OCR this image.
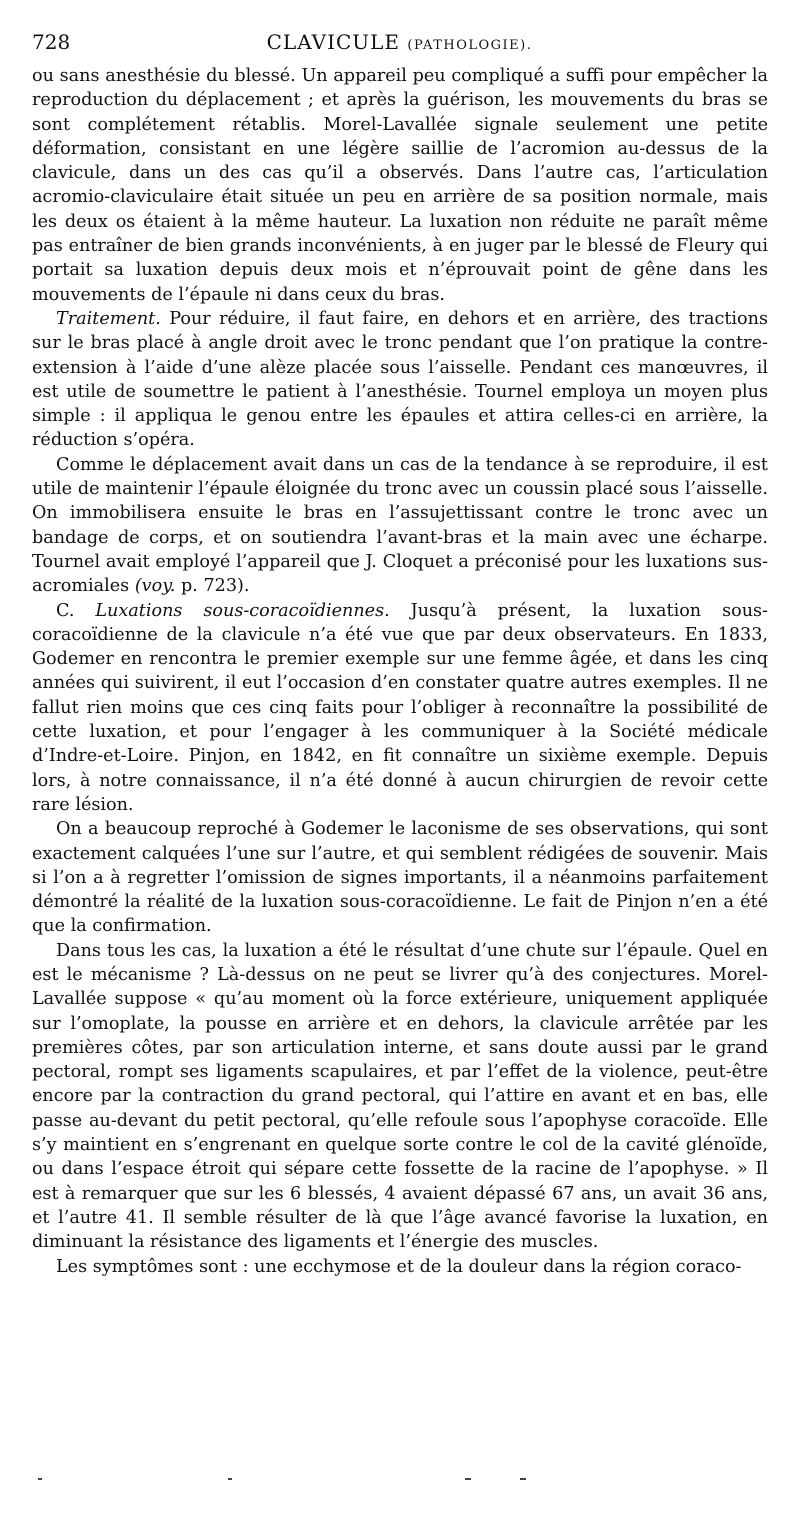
728	CLAVICULE (PATHOLOGIE).

ou sans anesthésie du blessé. Un appareil peu compliqué a suffi pour empêcher la reproduction du déplacement ; et après la guérison, les mouvements du bras se sont complétement rétablis. Morel-Lavallée signale seulement une petite déformation, consistant en une légère saillie de l’acromion au-dessus de la clavicule, dans un des cas qu’il a observés. Dans l’autre cas, l’articulation acromio-claviculaire était située un peu en arrière de sa position normale, mais les deux os étaient à la même hauteur. La luxation non réduite ne paraît même pas entraîner de bien grands inconvénients, à en juger par le blessé de Fleury qui portait sa luxation depuis deux mois et n’éprouvait point de gêne dans les mouvements de l’épaule ni dans ceux du bras.

Traitement. Pour réduire, il faut faire, en dehors et en arrière, des tractions sur le bras placé à angle droit avec le tronc pendant que l’on pratique la contre-extension à l’aide d’une alèze placée sous l’aisselle. Pendant ces manœuvres, il est utile de soumettre le patient à l’anesthésie. Tournel employa un moyen plus simple : il appliqua le genou entre les épaules et attira celles-ci en arrière, la réduction s’opéra.

Comme le déplacement avait dans un cas de la tendance à se reproduire, il est utile de maintenir l’épaule éloignée du tronc avec un coussin placé sous l’aisselle. On immobilisera ensuite le bras en l’assujettissant contre le tronc avec un bandage de corps, et on soutiendra l’avant-bras et la main avec une écharpe. Tournel avait employé l’appareil que J. Cloquet a préconisé pour les luxations sus-acromiales (voy. p. 723).

C. Luxations sous-coracoïdiennes. Jusqu’à présent, la luxation sous-coracoïdienne de la clavicule n’a été vue que par deux observateurs. En 1833, Godemer en rencontra le premier exemple sur une femme âgée, et dans les cinq années qui suivirent, il eut l’occasion d’en constater quatre autres exemples. Il ne fallut rien moins que ces cinq faits pour l’obliger à reconnaître la possibilité de cette luxation, et pour l’engager à les communiquer à la Société médicale d’Indre-et-Loire. Pinjon, en 1842, en fit connaître un sixième exemple. Depuis lors, à notre connaissance, il n’a été donné à aucun chirurgien de revoir cette rare lésion.

On a beaucoup reproché à Godemer le laconisme de ses observations, qui sont exactement calquées l’une sur l’autre, et qui semblent rédigées de souvenir. Mais si l’on a à regretter l’omission de signes importants, il a néanmoins parfaitement démontré la réalité de la luxation sous-coracoïdienne. Le fait de Pinjon n’en a été que la confirmation.

Dans tous les cas, la luxation a été le résultat d’une chute sur l’épaule. Quel en est le mécanisme ? Là-dessus on ne peut se livrer qu’à des conjectures. Morel-Lavallée suppose « qu’au moment où la force extérieure, uniquement appliquée sur l’omoplate, la pousse en arrière et en dehors, la clavicule arrêtée par les premières côtes, par son articulation interne, et sans doute aussi par le grand pectoral, rompt ses ligaments scapulaires, et par l’effet de la violence, peut-être encore par la contraction du grand pectoral, qui l’attire en avant et en bas, elle passe au-devant du petit pectoral, qu’elle refoule sous l’apophyse coracoïde. Elle s’y maintient en s’engrenant en quelque sorte contre le col de la cavité glénoïde, ou dans l’espace étroit qui sépare cette fossette de la racine de l’apophyse. » Il est à remarquer que sur les 6 blessés, 4 avaient dépassé 67 ans, un avait 36 ans, et l’autre 41. Il semble résulter de là que l’âge avancé favorise la luxation, en diminuant la résistance des ligaments et l’énergie des muscles.

Les symptômes sont : une ecchymose et de la douleur dans la région coraco-
